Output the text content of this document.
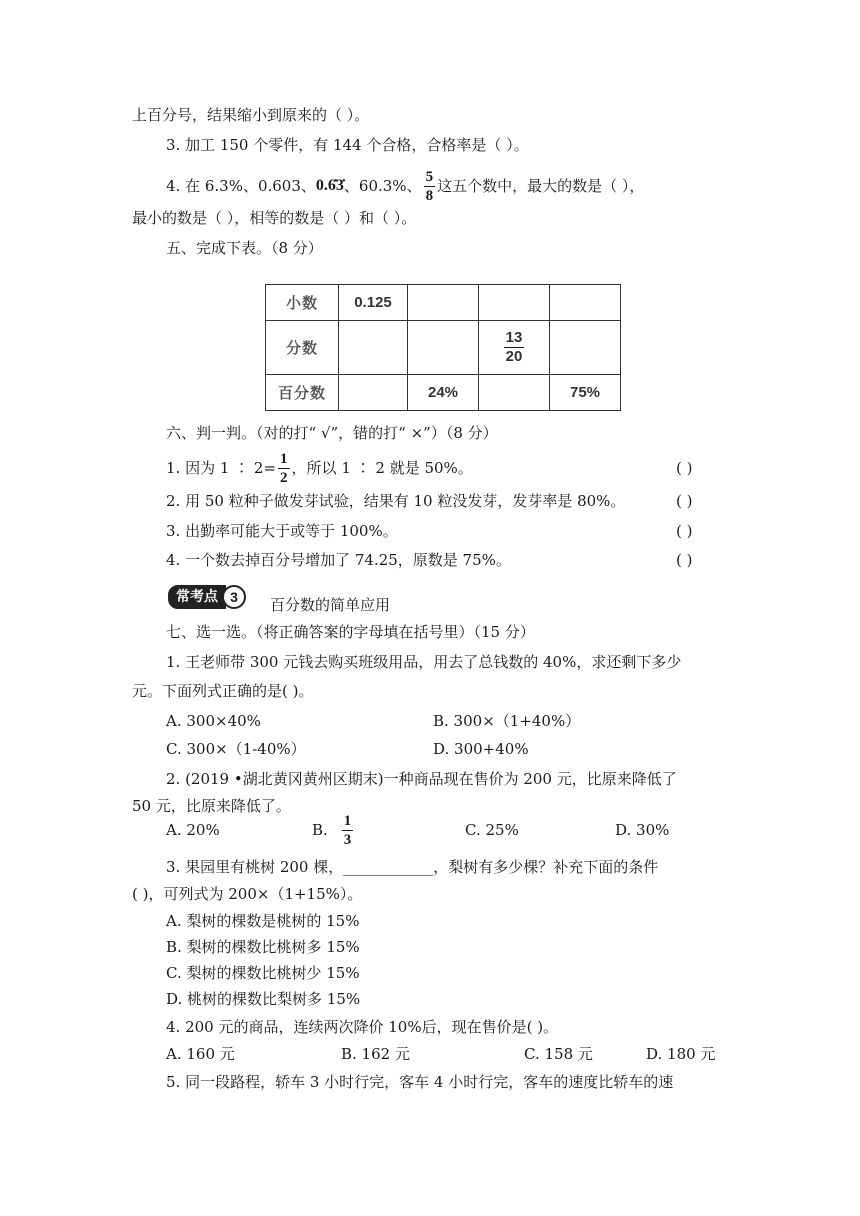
上百分号，结果缩小到原来的（ ）。
3. 加工 150 个零件，有 144 个合格，合格率是（ ）。
4. 在 6.3%、0.603、 0.6̇3̇ 、60.3%、 $\frac{5}{8}$ 这五个数中，最大的数是（ ），
最小的数是（ ），相等的数是（ ）和（ ）。
五、完成下表。（8 分）
小数	0.125			
分数			$\frac{13}{20}$

百分数		24%		75%
六、判一判。（对的打“ √”，错的打“ ×”）（8 分）
1. 因为 1 ∶ $2= \frac{1}{2}$ ，所以 1 ∶ 2 就是 50%。	( )
2. 用 50 粒种子做发芽试验，结果有 10 粒没发芽，发芽率是 80%。	( )
3. 出勤率可能大于或等于 100%。	( )
4. 一个数去掉百分号增加了 74.25，原数是 75%。	( )
常考点 3	百分数的简单应用
七、选一选。（将正确答案的字母填在括号里）（15 分）
1. 王老师带 300 元钱去购买班级用品，用去了总钱数的 40%，求还剩下多少
元。下面列式正确的是( )。
A. 300×40%	B. 300×（1+40%）
C. 300×（1-40%）	D. 300+40%
2. (2019 •湖北黄冈黄州区期末)一种商品现在售价为 200 元，比原来降低了
50 元，比原来降低了。
A. 20%	B. $\frac{1}{3}$	C. 25%	D. 30%
3. 果园里有桃树 200 棵，____________，梨树有多少棵？补充下面的条件
( )，可列式为 200×（1+15%）。
A. 梨树的棵数是桃树的 15%
B. 梨树的棵数比桃树多 15%
C. 梨树的棵数比桃树少 15%
D. 桃树的棵数比梨树多 15%
4. 200 元的商品，连续两次降价 10%后，现在售价是( )。
A. 160 元	B. 162 元	C. 158 元	D. 180 元
5. 同一段路程，轿车 3 小时行完，客车 4 小时行完，客车的速度比轿车的速
